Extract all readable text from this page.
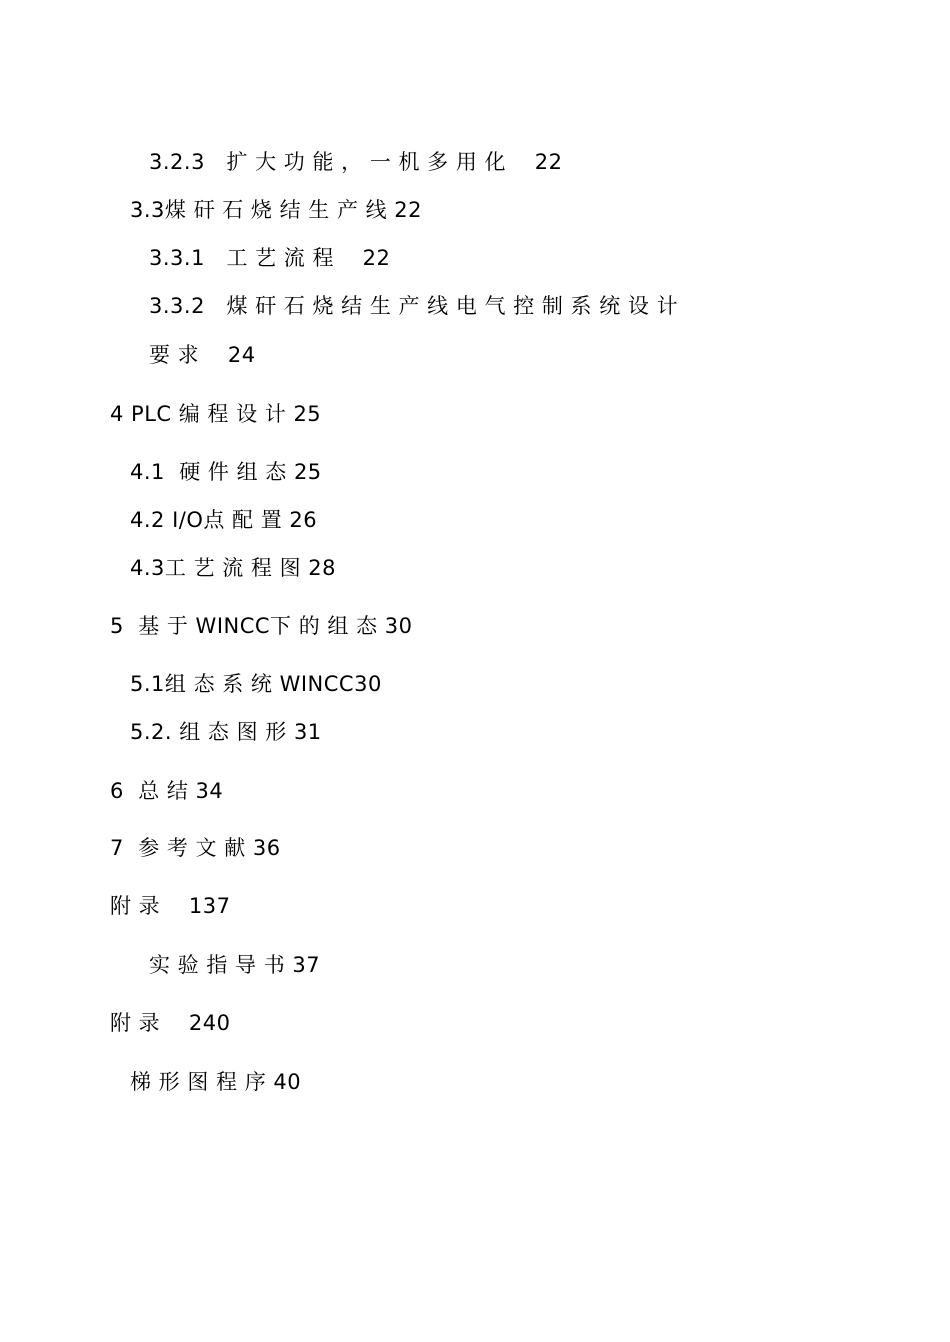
3.2.3   扩 大 功 能 ， 一 机 多 用 化    22
3.3煤 矸 石 烧 结 生 产 线 22
3.3.1   工 艺 流 程    22
3.3.2   煤 矸 石 烧 结 生 产 线 电 气 控 制 系 统 设 计
要 求    24
4 PLC 编 程 设 计 25
4.1  硬 件 组 态 25
4.2 I/O点 配 置 26
4.3工 艺 流 程 图 28
5  基 于 WINCC下 的 组 态 30
5.1组 态 系 统 WINCC30
5.2. 组 态 图 形 31
6  总 结 34
7  参 考 文 献 36
附 录    137
实 验 指 导 书 37
附 录    240
梯 形 图 程 序 40
